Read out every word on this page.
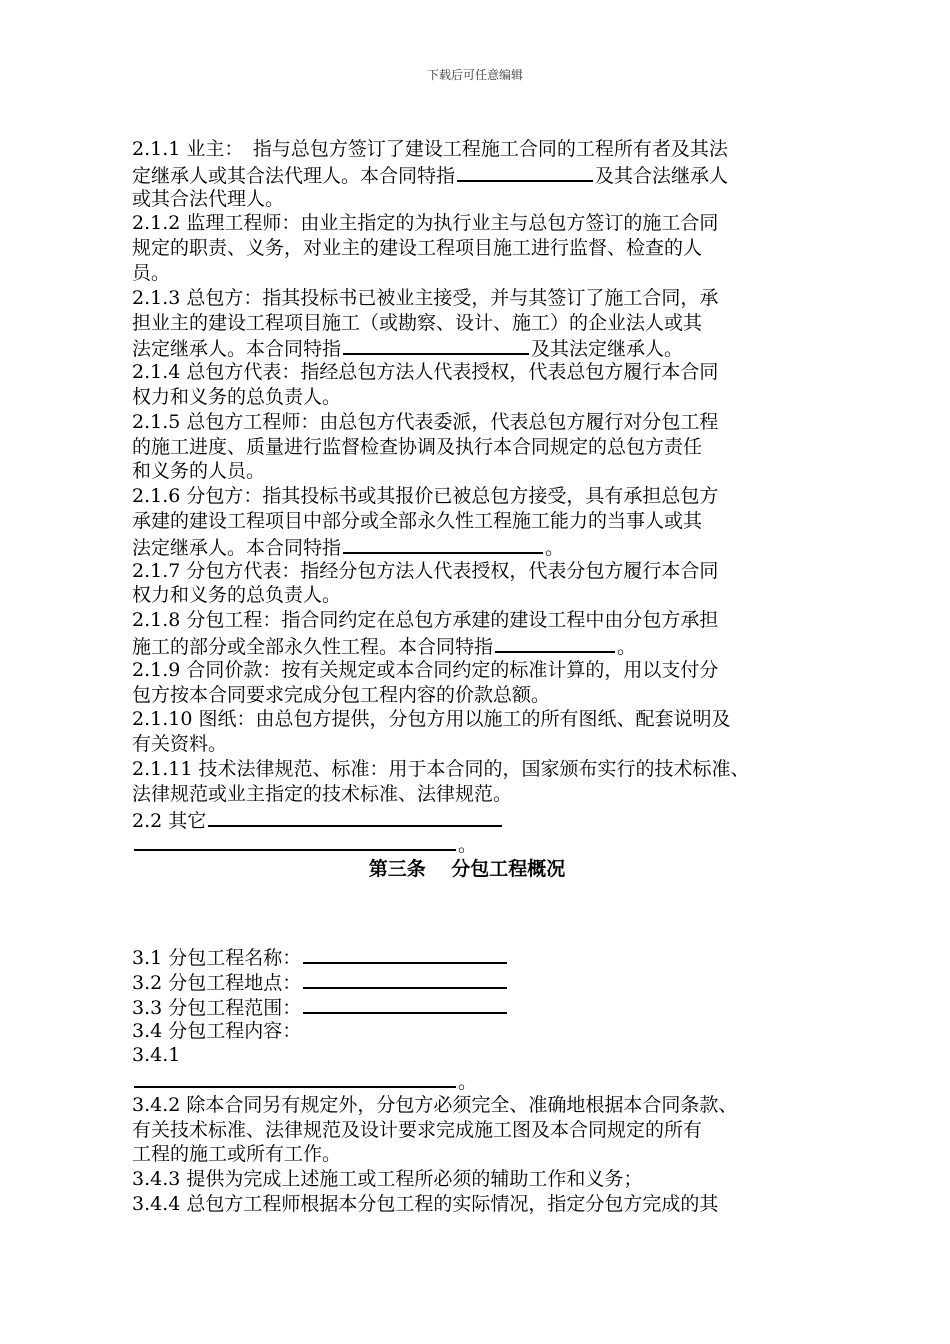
下载后可任意编辑
2.1.1 业主：　指与总包方签订了建设工程施工合同的工程所有者及其法
定继承人或其合法代理人。本合同特指	及其合法继承人
或其合法代理人。
2.1.2 监理工程师：由业主指定的为执行业主与总包方签订的施工合同
规定的职责、义务，对业主的建设工程项目施工进行监督、检查的人
员。
2.1.3 总包方：指其投标书已被业主接受，并与其签订了施工合同，承
担业主的建设工程项目施工（或勘察、设计、施工）的企业法人或其
法定继承人。本合同特指	及其法定继承人。
2.1.4 总包方代表：指经总包方法人代表授权，代表总包方履行本合同
权力和义务的总负责人。
2.1.5 总包方工程师：由总包方代表委派，代表总包方履行对分包工程
的施工进度、质量进行监督检查协调及执行本合同规定的总包方责任
和义务的人员。
2.1.6 分包方：指其投标书或其报价已被总包方接受，具有承担总包方
承建的建设工程项目中部分或全部永久性工程施工能力的当事人或其
法定继承人。本合同特指	。
2.1.7 分包方代表：指经分包方法人代表授权，代表分包方履行本合同
权力和义务的总负责人。
2.1.8 分包工程：指合同约定在总包方承建的建设工程中由分包方承担
施工的部分或全部永久性工程。本合同特指	。
2.1.9 合同价款：按有关规定或本合同约定的标准计算的，用以支付分
包方按本合同要求完成分包工程内容的价款总额。
2.1.10 图纸：由总包方提供，分包方用以施工的所有图纸、配套说明及
有关资料。
2.1.11 技术法律规范、标准：用于本合同的，国家颁布实行的技术标准、
法律规范或业主指定的技术标准、法律规范。
2.2 其它
。
第三条　 分包工程概况
3.1 分包工程名称：
3.2 分包工程地点：
3.3 分包工程范围：
3.4 分包工程内容：
3.4.1
。
3.4.2 除本合同另有规定外，分包方必须完全、准确地根据本合同条款、
有关技术标准、法律规范及设计要求完成施工图及本合同规定的所有
工程的施工或所有工作。
3.4.3 提供为完成上述施工或工程所必须的辅助工作和义务；
3.4.4 总包方工程师根据本分包工程的实际情况，指定分包方完成的其
